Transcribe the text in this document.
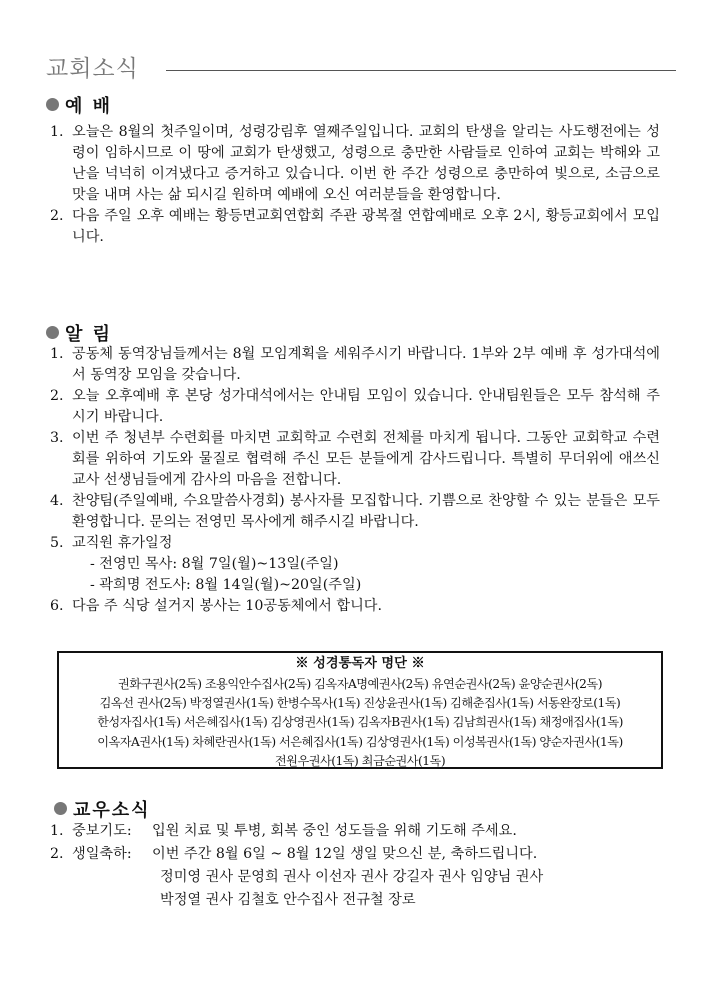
교회소식
예 배
1. 오늘은 8월의 첫주일이며, 성령강림후 열째주일입니다. 교회의 탄생을 알리는 사도행전에는 성령이 임하시므로 이 땅에 교회가 탄생했고, 성령으로 충만한 사람들로 인하여 교회는 박해와 고난을 넉넉히 이겨냈다고 증거하고 있습니다. 이번 한 주간 성령으로 충만하여 빛으로, 소금으로 맛을 내며 사는 삶 되시길 원하며 예배에 오신 여러분들을 환영합니다.
2. 다음 주일 오후 예배는 황등면교회연합회 주관 광복절 연합예배로 오후 2시, 황등교회에서 모입니다.
알 림
1. 공동체 동역장님들께서는 8월 모임계획을 세워주시기 바랍니다. 1부와 2부 예배 후 성가대석에서 동역장 모임을 갖습니다.
2. 오늘 오후예배 후 본당 성가대석에서는 안내팀 모임이 있습니다. 안내팀원들은 모두 참석해 주시기 바랍니다.
3. 이번 주 청년부 수련회를 마치면 교회학교 수련회 전체를 마치게 됩니다. 그동안 교회학교 수련회를 위하여 기도와 물질로 협력해 주신 모든 분들에게 감사드립니다. 특별히 무더위에 애쓰신 교사 선생님들에게 감사의 마음을 전합니다.
4. 찬양팀(주일예배, 수요말씀사경회) 봉사자를 모집합니다. 기쁨으로 찬양할 수 있는 분들은 모두 환영합니다. 문의는 전영민 목사에게 해주시길 바랍니다.
5. 교직원 휴가일정
- 전영민 목사: 8월 7일(월)~13일(주일)
- 곽희명 전도사: 8월 14일(월)~20일(주일)
6. 다음 주 식당 설거지 봉사는 10공동체에서 합니다.
※ 성경통독자 명단 ※
권화구권사(2독) 조용익안수집사(2독) 김옥자A명예권사(2독) 유연순권사(2독) 윤양순권사(2독)
김옥선 권사(2독) 박정열권사(1독) 한병수목사(1독) 진상윤권사(1독) 김해춘집사(1독) 서동완장로(1독)
한성자집사(1독) 서은혜집사(1독) 김상영권사(1독) 김옥자B권사(1독) 김남희권사(1독) 채정애집사(1독)
이옥자A권사(1독) 차혜란권사(1독) 서은혜집사(1독) 김상영권사(1독) 이성복권사(1독) 양순자권사(1독)
전원우권사(1독) 최금순권사(1독)
교우소식
1. 중보기도: 입원 치료 및 투병, 회복 중인 성도들을 위해 기도해 주세요.
2. 생일축하: 이번 주간 8월 6일 ~ 8월 12일 생일 맞으신 분, 축하드립니다.
정미영 권사 문영희 권사 이선자 권사 강길자 권사 임양님 권사
박정열 권사 김철호 안수집사 전규철 장로
